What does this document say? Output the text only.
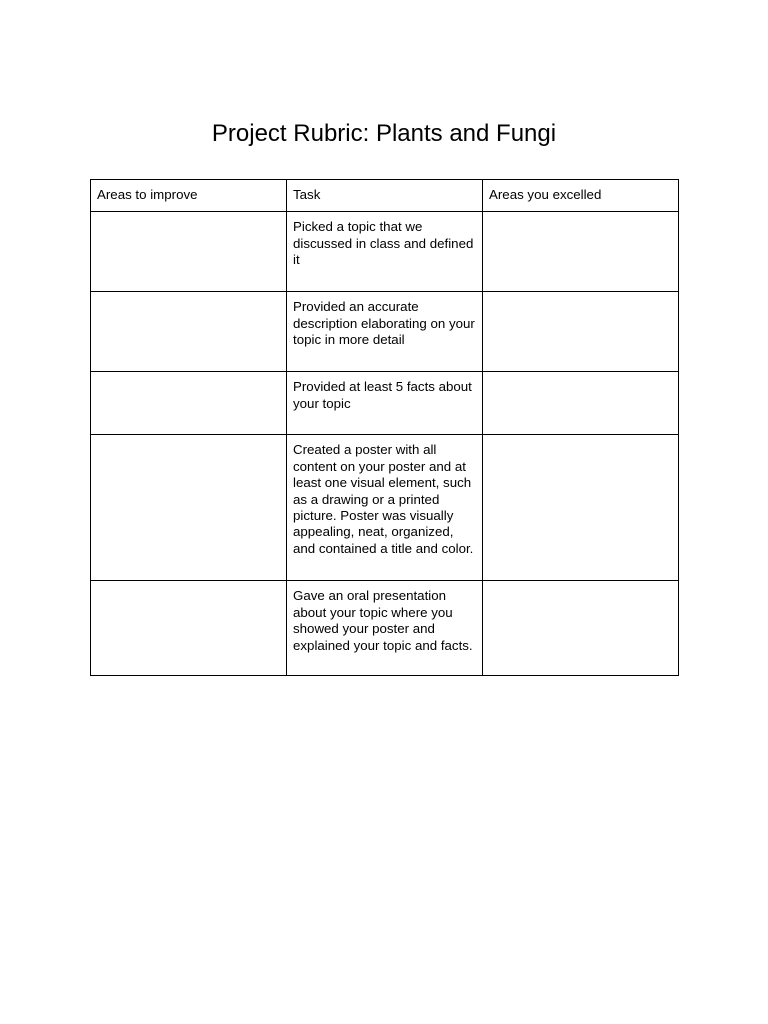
Project Rubric: Plants and Fungi
Areas to improve	Task	Areas you excelled
	Picked a topic that we discussed in class and defined it	
	Provided an accurate description elaborating on your topic in more detail	
	Provided at least 5 facts about your topic	
	Created a poster with all content on your poster and at least one visual element, such as a drawing or a printed picture. Poster was visually appealing, neat, organized, and contained a title and color.	
	Gave an oral presentation about your topic where you showed your poster and explained your topic and facts.	
